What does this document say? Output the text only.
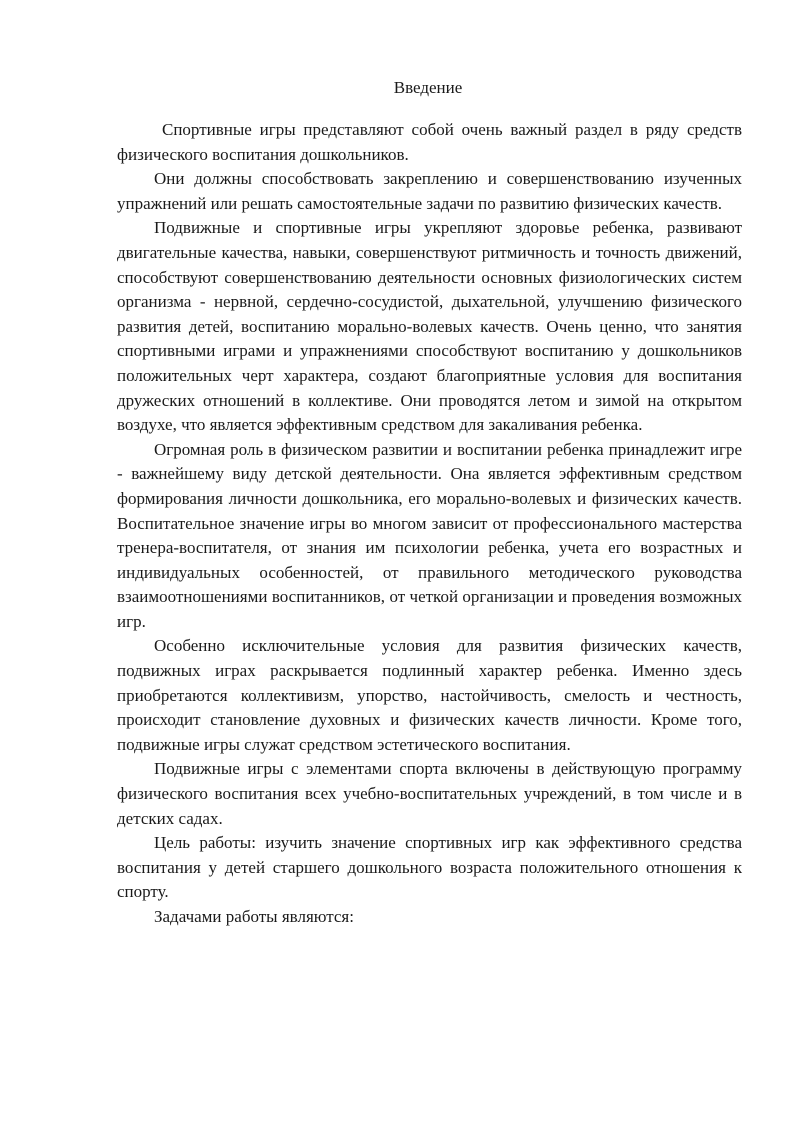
Введение

Спортивные игры представляют собой очень важный раздел в ряду средств физического воспитания дошкольников.

Они должны способствовать закреплению и совершенствованию изученных упражнений или решать самостоятельные задачи по развитию физических качеств.

Подвижные и спортивные игры укрепляют здоровье ребенка, развивают двигательные качества, навыки, совершенствуют ритмичность и точность движений, способствуют совершенствованию деятельности основных физиологических систем организма - нервной, сердечно-сосудистой, дыхательной, улучшению физического развития детей, воспитанию морально-волевых качеств. Очень ценно, что занятия спортивными играми и упражнениями способствуют воспитанию у дошкольников положительных черт характера, создают благоприятные условия для воспитания дружеских отношений в коллективе. Они проводятся летом и зимой на открытом воздухе, что является эффективным средством для закаливания ребенка.

Огромная роль в физическом развитии и воспитании ребенка принадлежит игре - важнейшему виду детской деятельности. Она является эффективным средством формирования личности дошкольника, его морально-волевых и физических качеств. Воспитательное значение игры во многом зависит от профессионального мастерства тренера-воспитателя, от знания им психологии ребенка, учета его возрастных и индивидуальных особенностей, от правильного методического руководства взаимоотношениями воспитанников, от четкой организации и проведения возможных игр.

Особенно исключительные условия для развития физических качеств, подвижных играх раскрывается подлинный характер ребенка. Именно здесь приобретаются коллективизм, упорство, настойчивость, смелость и честность, происходит становление духовных и физических качеств личности. Кроме того, подвижные игры служат средством эстетического воспитания.

Подвижные игры с элементами спорта включены в действующую программу физического воспитания всех учебно-воспитательных учреждений, в том числе и в детских садах.

Цель работы: изучить значение спортивных игр как эффективного средства воспитания у детей старшего дошкольного возраста положительного отношения к спорту.

Задачами работы являются:
